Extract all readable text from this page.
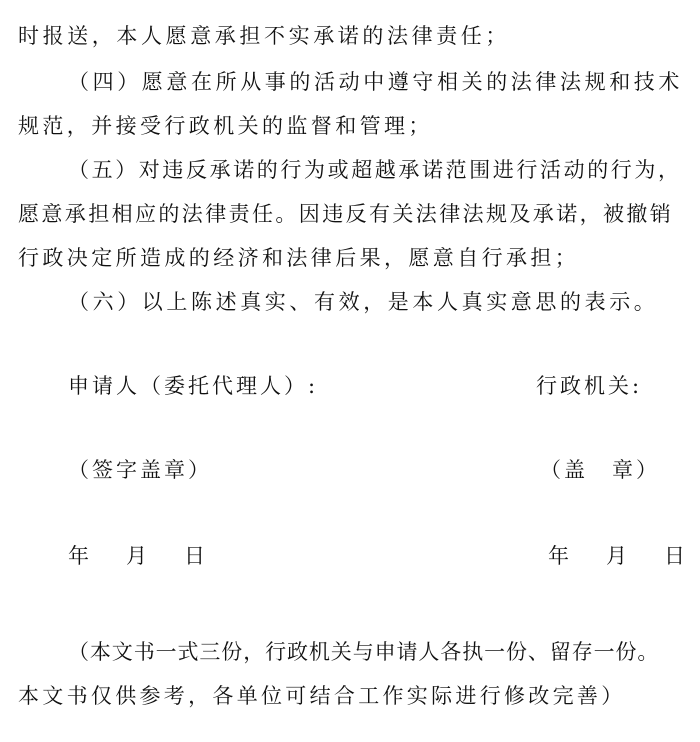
时报送，本人愿意承担不实承诺的法律责任；
（四）愿意在所从事的活动中遵守相关的法律法规和技术
规范，并接受行政机关的监督和管理；
（五）对违反承诺的行为或超越承诺范围进行活动的行为，
愿意承担相应的法律责任。因违反有关法律法规及承诺，被撤销
行政决定所造成的经济和法律后果，愿意自行承担；
（六）以上陈述真实、有效，是本人真实意思的表示。
申请人（委托代理人）:	行政机关:
（签字盖章）	（盖　章）
年　月　日	年　月　日
（本文书一式三份，行政机关与申请人各执一份、留存一份。
本文书仅供参考，各单位可结合工作实际进行修改完善）
